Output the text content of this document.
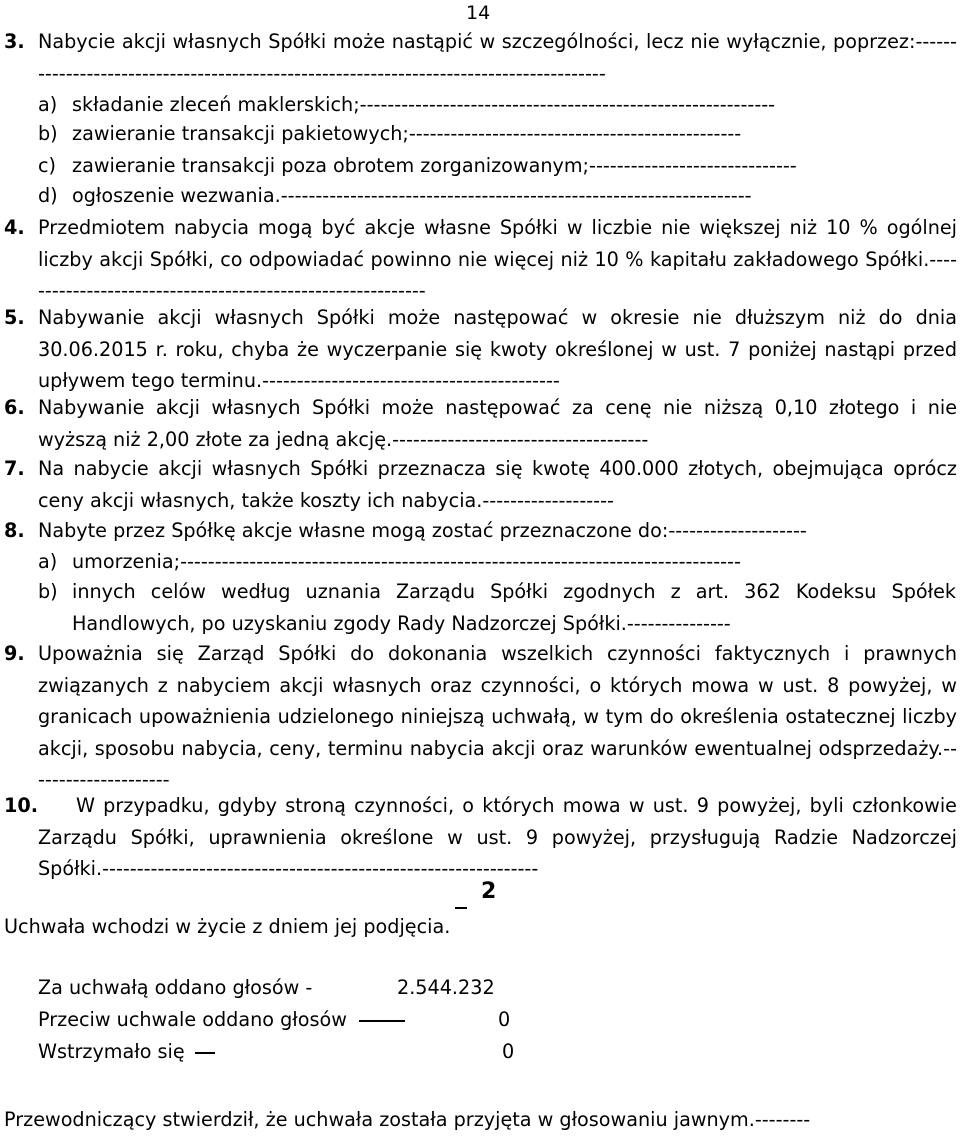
14
3. Nabycie akcji własnych Spółki może nastąpić w szczególności, lecz nie wyłącznie, poprzez:----------------------------------------------------------------------------------------
a) składanie zleceń maklerskich;------------------------------------------------------------
b) zawieranie transakcji pakietowych;------------------------------------------------
c) zawieranie transakcji poza obrotem zorganizowanym;------------------------------
d) ogłoszenie wezwania.--------------------------------------------------------------------
4. Przedmiotem nabycia mogą być akcje własne Spółki w liczbie nie większej niż 10 % ogólnej liczby akcji Spółki, co odpowiadać powinno nie więcej niż 10 % kapitału zakładowego Spółki.------------------------------------------------------------
5. Nabywanie akcji własnych Spółki może następować w okresie nie dłuższym niż do dnia 30.06.2015 r. roku, chyba że wyczerpanie się kwoty określonej w ust. 7 poniżej nastąpi przed upływem tego terminu.-------------------------------------------
6. Nabywanie akcji własnych Spółki może następować za cenę nie niższą 0,10 złotego i nie wyższą niż 2,00 złote za jedną akcję.-------------------------------------
7. Na nabycie akcji własnych Spółki przeznacza się kwotę 400.000 złotych, obejmująca oprócz ceny akcji własnych, także koszty ich nabycia.-------------------
8. Nabyte przez Spółkę akcje własne mogą zostać przeznaczone do:--------------------
a) umorzenia;---------------------------------------------------------------------------------
b) innych celów według uznania Zarządu Spółki zgodnych z art. 362 Kodeksu Spółek Handlowych, po uzyskaniu zgody Rady Nadzorczej Spółki.---------------
9. Upoważnia się Zarząd Spółki do dokonania wszelkich czynności faktycznych i prawnych związanych z nabyciem akcji własnych oraz czynności, o których mowa w ust. 8 powyżej, w granicach upoważnienia udzielonego niniejszą uchwałą, w tym do określenia ostatecznej liczby akcji, sposobu nabycia, ceny, terminu nabycia akcji oraz warunków ewentualnej odsprzedaży.---------------------
10.	W przypadku, gdyby stroną czynności, o których mowa w ust. 9 powyżej, byli członkowie Zarządu Spółki, uprawnienia określone w ust. 9 powyżej, przysługują Radzie Nadzorczej Spółki.---------------------------------------------------------------
2
Uchwała wchodzi w życie z dniem jej podjęcia.
Za uchwałą oddano głosów -	2.544.232
Przeciw uchwale oddano głosów	0
Wstrzymało się	0
Przewodniczący stwierdził, że uchwała została przyjęta w głosowaniu jawnym.--------
